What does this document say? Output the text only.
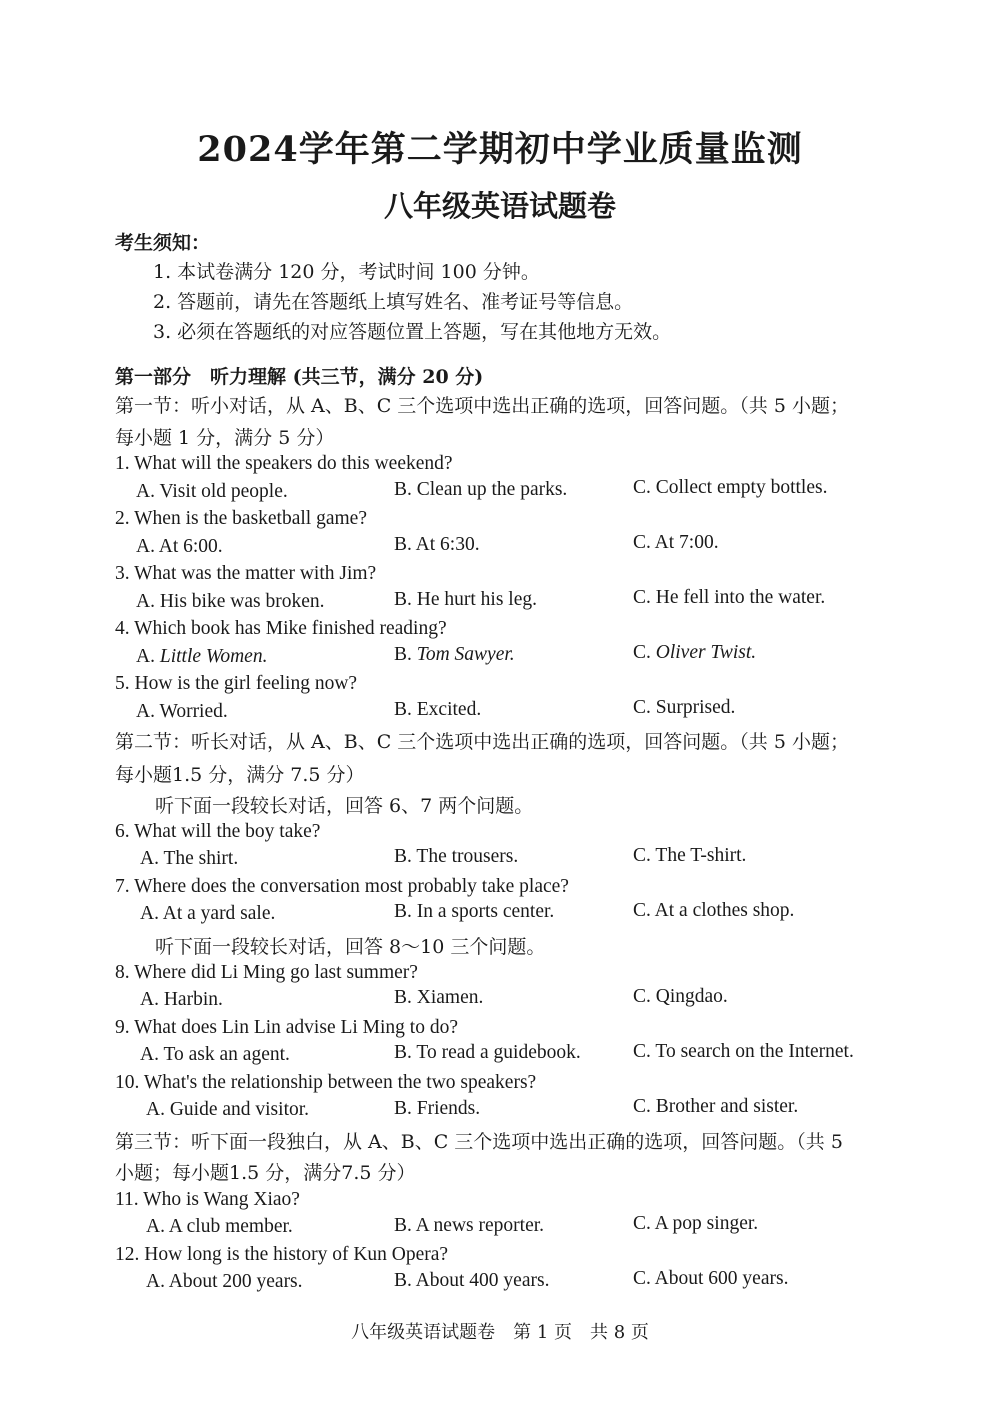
2024学年第二学期初中学业质量监测
八年级英语试题卷
考生须知：
1. 本试卷满分 120 分，考试时间 100 分钟。
2. 答题前，请先在答题纸上填写姓名、准考证号等信息。
3. 必须在答题纸的对应答题位置上答题，写在其他地方无效。
第一部分　听力理解 (共三节，满分 20 分)
第一节：听小对话，从 A、B、C 三个选项中选出正确的选项，回答问题。（共 5 小题；
每小题 1 分，满分 5 分）
1. What will the speakers do this weekend?
A. Visit old people.	B. Clean up the parks.	C. Collect empty bottles.
2. When is the basketball game?
A. At 6:00.	B. At 6:30.	C. At 7:00.
3. What was the matter with Jim?
A. His bike was broken.	B. He hurt his leg.	C. He fell into the water.
4. Which book has Mike finished reading?
A. Little Women.	B. Tom Sawyer.	C. Oliver Twist.
5. How is the girl feeling now?
A. Worried.	B. Excited.	C. Surprised.
第二节：听长对话，从 A、B、C 三个选项中选出正确的选项，回答问题。（共 5 小题；
每小题1.5 分，满分 7.5 分）
听下面一段较长对话，回答 6、7 两个问题。
6. What will the boy take?
A. The shirt.	B. The trousers.	C. The T-shirt.
7. Where does the conversation most probably take place?
A. At a yard sale.	B. In a sports center.	C. At a clothes shop.
听下面一段较长对话，回答 8～10 三个问题。
8. Where did Li Ming go last summer?
A. Harbin.	B. Xiamen.	C. Qingdao.
9. What does Lin Lin advise Li Ming to do?
A. To ask an agent.	B. To read a guidebook.	C. To search on the Internet.
10. What's the relationship between the two speakers?
A. Guide and visitor.	B. Friends.	C. Brother and sister.
第三节：听下面一段独白，从 A、B、C 三个选项中选出正确的选项，回答问题。（共 5
小题；每小题1.5 分，满分7.5 分）
11. Who is Wang Xiao?
A. A club member.	B. A news reporter.	C. A pop singer.
12. How long is the history of Kun Opera?
A. About 200 years.	B. About 400 years.	C. About 600 years.
八年级英语试题卷　第 1 页　共 8 页
